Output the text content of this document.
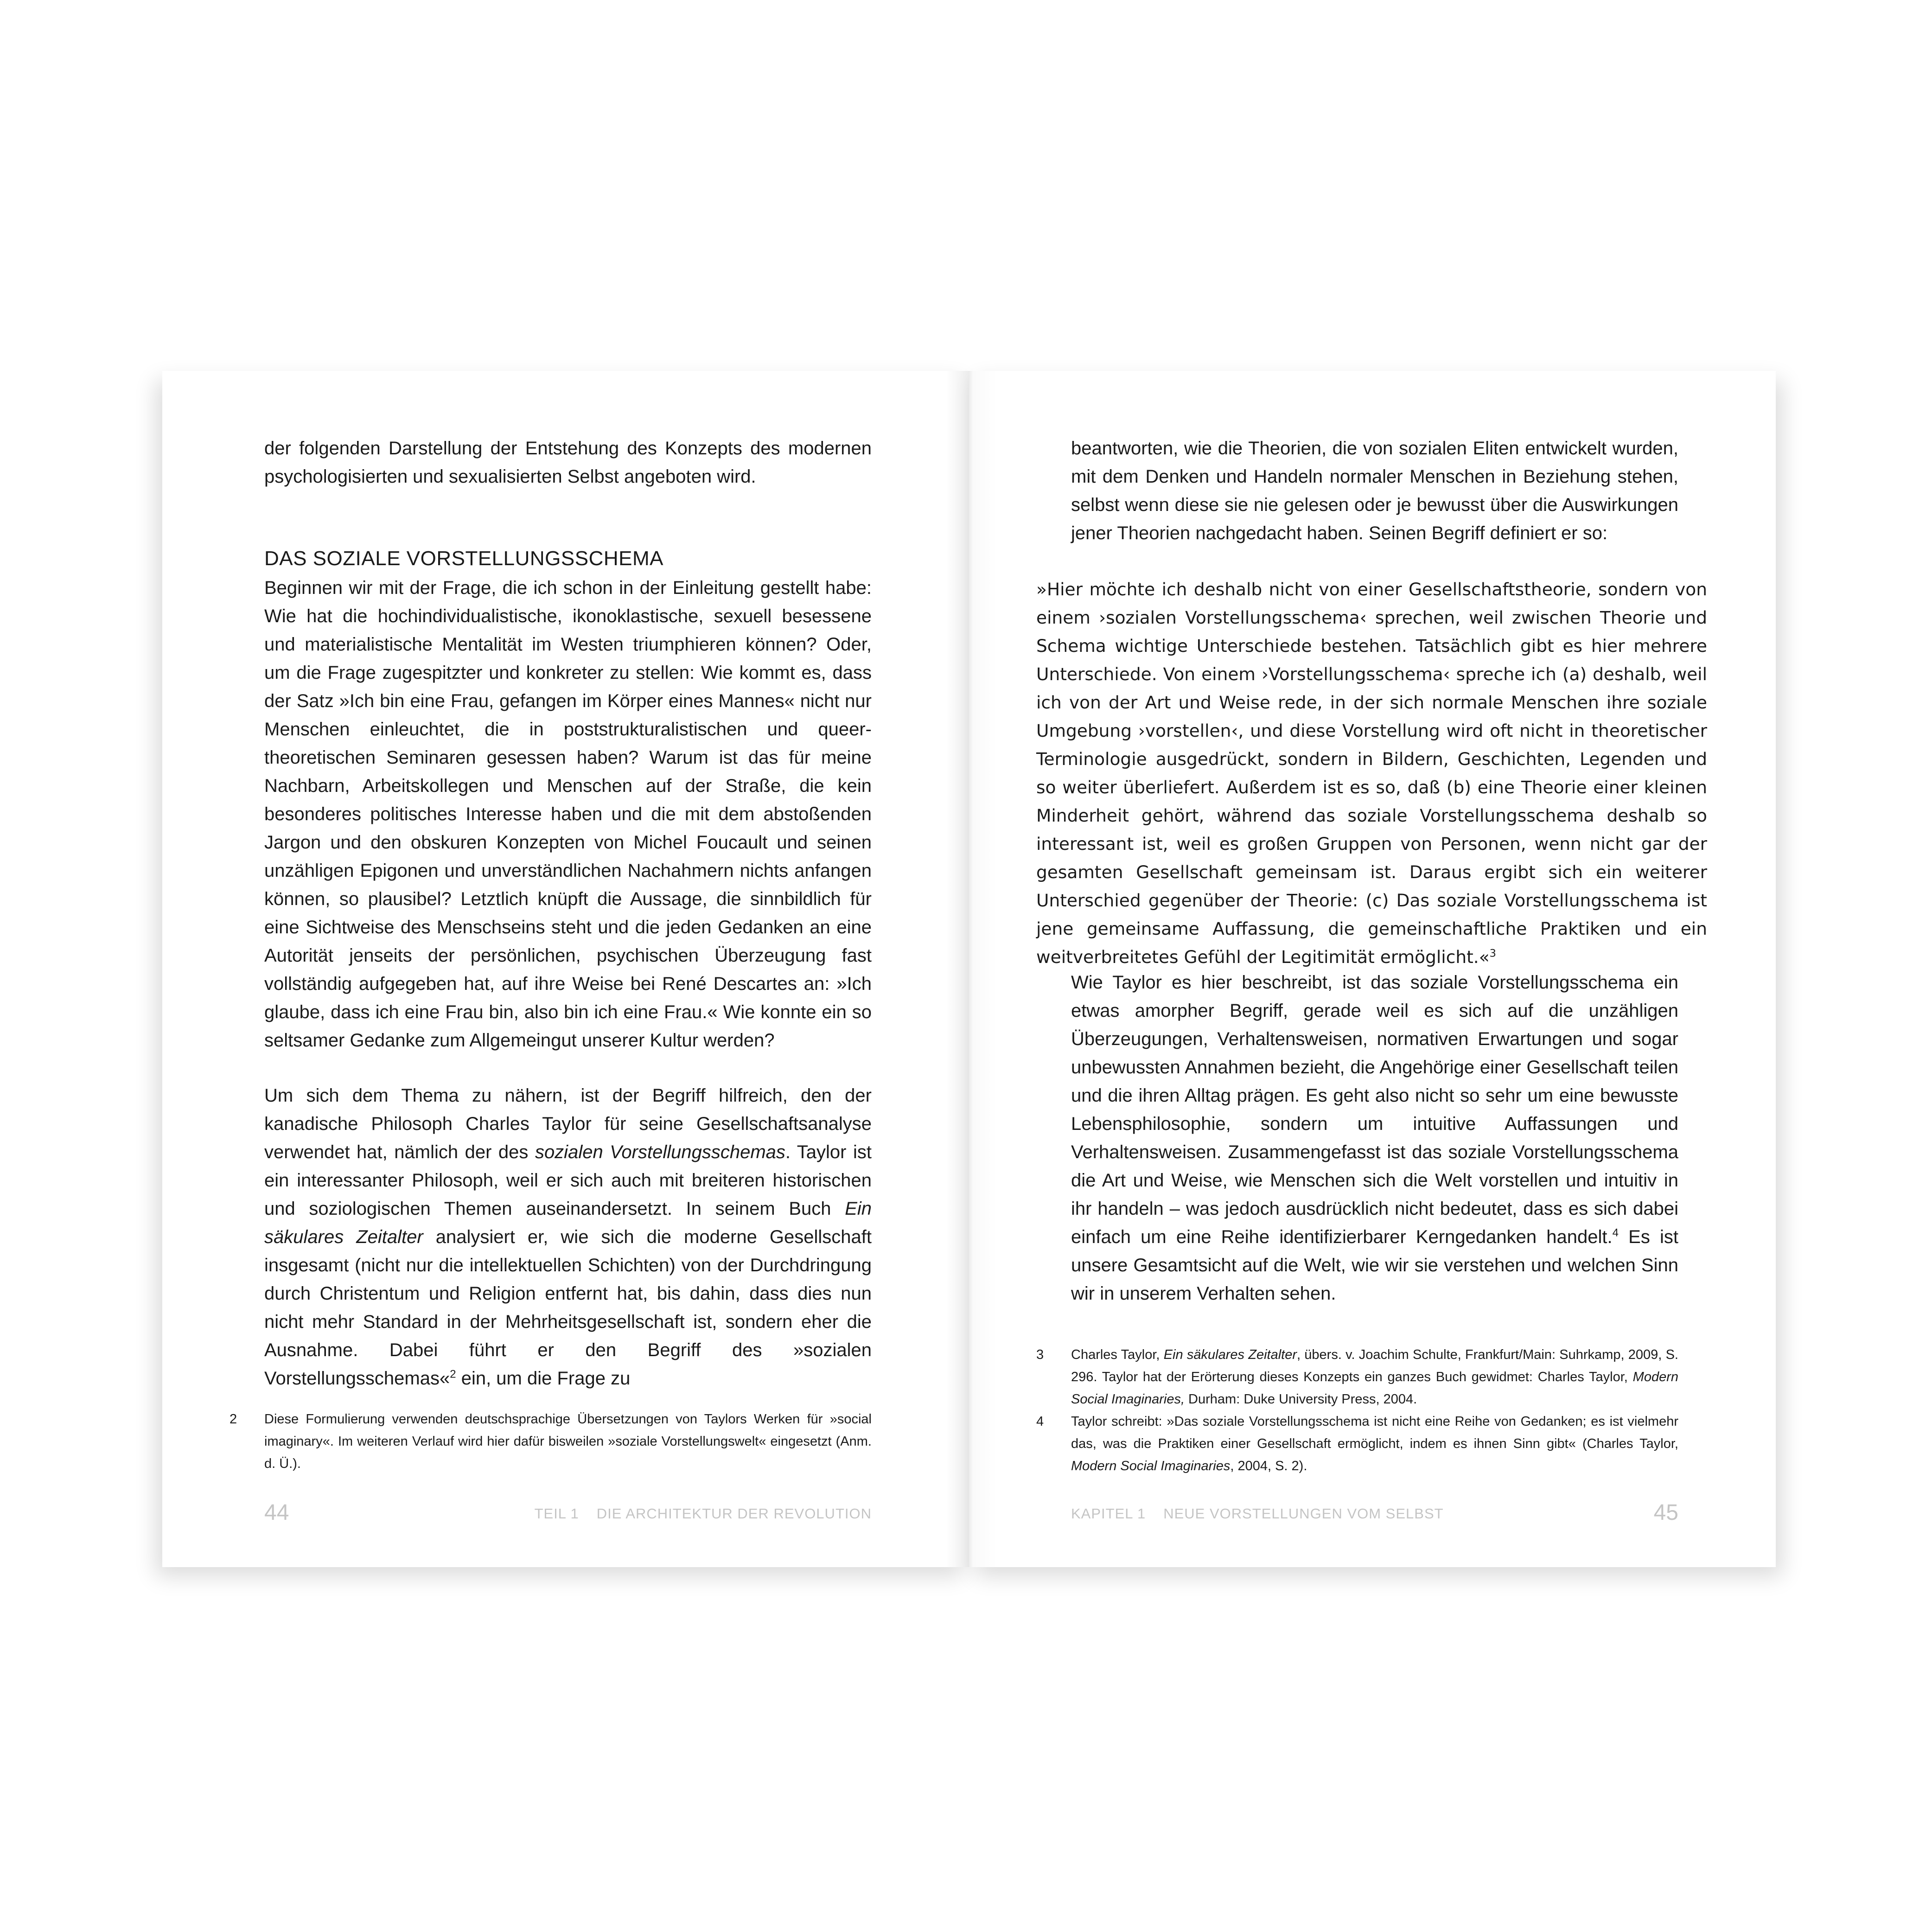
der folgenden Darstellung der Entstehung des Konzepts des modernen psychologisierten und sexualisierten Selbst angeboten wird.

DAS SOZIALE VORSTELLUNGSSCHEMA

Beginnen wir mit der Frage, die ich schon in der Einleitung gestellt habe: Wie hat die hochindividualistische, ikonoklastische, sexuell besessene und materialistische Mentalität im Westen triumphieren können? Oder, um die Frage zugespitzter und konkreter zu stellen: Wie kommt es, dass der Satz »Ich bin eine Frau, gefangen im Körper eines Mannes« nicht nur Menschen einleuchtet, die in poststrukturalistischen und queer-theoretischen Seminaren gesessen haben? Warum ist das für meine Nachbarn, Arbeitskollegen und Menschen auf der Straße, die kein besonderes politisches Interesse haben und die mit dem abstoßenden Jargon und den obskuren Konzepten von Michel Foucault und seinen unzähligen Epigonen und unverständlichen Nachahmern nichts anfangen können, so plausibel? Letztlich knüpft die Aussage, die sinnbildlich für eine Sichtweise des Menschseins steht und die jeden Gedanken an eine Autorität jenseits der persönlichen, psychischen Überzeugung fast vollständig aufgegeben hat, auf ihre Weise bei René Descartes an: »Ich glaube, dass ich eine Frau bin, also bin ich eine Frau.« Wie konnte ein so seltsamer Gedanke zum Allgemeingut unserer Kultur werden?

Um sich dem Thema zu nähern, ist der Begriff hilfreich, den der kanadische Philosoph Charles Taylor für seine Gesellschaftsanalyse verwendet hat, nämlich der des sozialen Vorstellungsschemas. Taylor ist ein interessanter Philosoph, weil er sich auch mit breiteren historischen und soziologischen Themen auseinandersetzt. In seinem Buch Ein säkulares Zeitalter analysiert er, wie sich die moderne Gesellschaft insgesamt (nicht nur die intellektuellen Schichten) von der Durchdringung durch Christentum und Religion entfernt hat, bis dahin, dass dies nun nicht mehr Standard in der Mehrheitsgesellschaft ist, sondern eher die Ausnahme. Dabei führt er den Begriff des »sozialen Vorstellungsschemas«$^2$ ein, um die Frage zu

2 Diese Formulierung verwenden deutschsprachige Übersetzungen von Taylors Werken für »social imaginary«. Im weiteren Verlauf wird hier dafür bisweilen »soziale Vorstellungswelt« eingesetzt (Anm. d. Ü.).
44	TEIL 1 DIE ARCHITEKTUR DER REVOLUTION

beantworten, wie die Theorien, die von sozialen Eliten entwickelt wurden, mit dem Denken und Handeln normaler Menschen in Beziehung stehen, selbst wenn diese sie nie gelesen oder je bewusst über die Auswirkungen jener Theorien nachgedacht haben. Seinen Begriff definiert er so:

»Hier möchte ich deshalb nicht von einer Gesellschaftstheorie, sondern von einem ›sozialen Vorstellungsschema‹ sprechen, weil zwischen Theorie und Schema wichtige Unterschiede bestehen. Tatsächlich gibt es hier mehrere Unterschiede. Von einem ›Vorstellungsschema‹ spreche ich (a) deshalb, weil ich von der Art und Weise rede, in der sich normale Menschen ihre soziale Umgebung ›vorstellen‹, und diese Vorstellung wird oft nicht in theoretischer Terminologie ausgedrückt, sondern in Bildern, Geschichten, Legenden und so weiter überliefert. Außerdem ist es so, daß (b) eine Theorie einer kleinen Minderheit gehört, während das soziale Vorstellungsschema deshalb so interessant ist, weil es großen Gruppen von Personen, wenn nicht gar der gesamten Gesellschaft gemeinsam ist. Daraus ergibt sich ein weiterer Unterschied gegenüber der Theorie: (c) Das soziale Vorstellungsschema ist jene gemeinsame Auffassung, die gemeinschaftliche Praktiken und ein weitverbreitetes Gefühl der Legitimität ermöglicht.«$^3$

Wie Taylor es hier beschreibt, ist das soziale Vorstellungsschema ein etwas amorpher Begriff, gerade weil es sich auf die unzähligen Überzeugungen, Verhaltensweisen, normativen Erwartungen und sogar unbewussten Annahmen bezieht, die Angehörige einer Gesellschaft teilen und die ihren Alltag prägen. Es geht also nicht so sehr um eine bewusste Lebensphilosophie, sondern um intuitive Auffassungen und Verhaltensweisen. Zusammengefasst ist das soziale Vorstellungsschema die Art und Weise, wie Menschen sich die Welt vorstellen und intuitiv in ihr handeln – was jedoch ausdrücklich nicht bedeutet, dass es sich dabei einfach um eine Reihe identifizierbarer Kerngedanken handelt.$^4$ Es ist unsere Gesamtsicht auf die Welt, wie wir sie verstehen und welchen Sinn wir in unserem Verhalten sehen.

3 Charles Taylor, Ein säkulares Zeitalter, übers. v. Joachim Schulte, Frankfurt/Main: Suhrkamp, 2009, S. 296. Taylor hat der Erörterung dieses Konzepts ein ganzes Buch gewidmet: Charles Taylor, Modern Social Imaginaries, Durham: Duke University Press, 2004.
4 Taylor schreibt: »Das soziale Vorstellungsschema ist nicht eine Reihe von Gedanken; es ist vielmehr das, was die Praktiken einer Gesellschaft ermöglicht, indem es ihnen Sinn gibt« (Charles Taylor, Modern Social Imaginaries, 2004, S. 2).
KAPITEL 1 NEUE VORSTELLUNGEN VOM SELBST	45
